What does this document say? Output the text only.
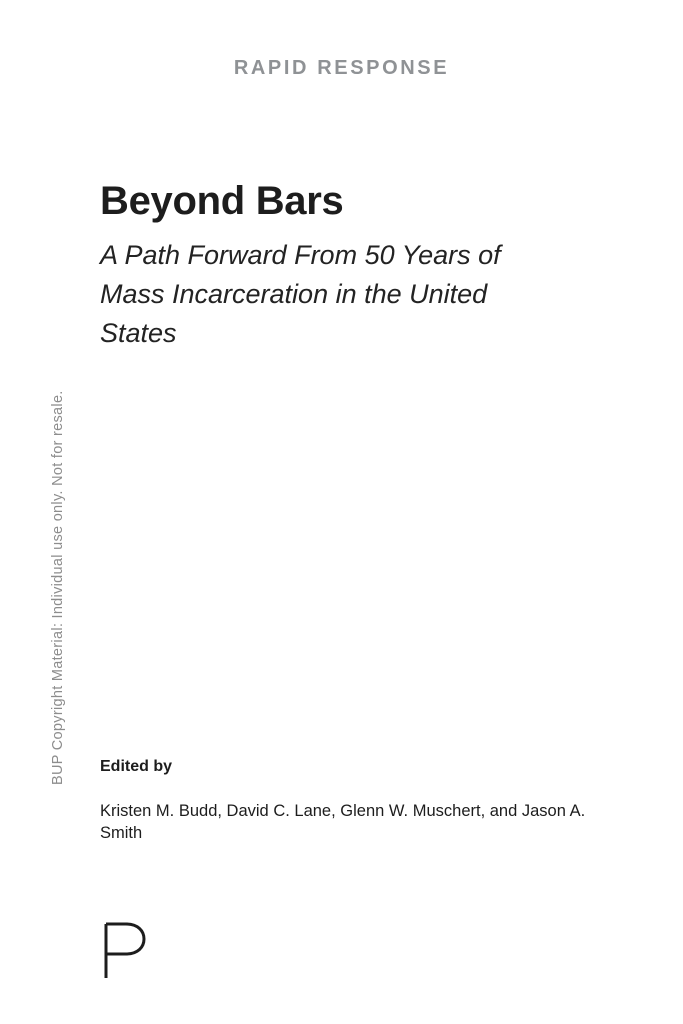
BUP Copyright Material: Individual use only. Not for resale.
RAPID RESPONSE
Beyond Bars
A Path Forward From 50 Years of Mass Incarceration in the United States
Edited by
Kristen M. Budd, David C. Lane, Glenn W. Muschert, and Jason A. Smith
